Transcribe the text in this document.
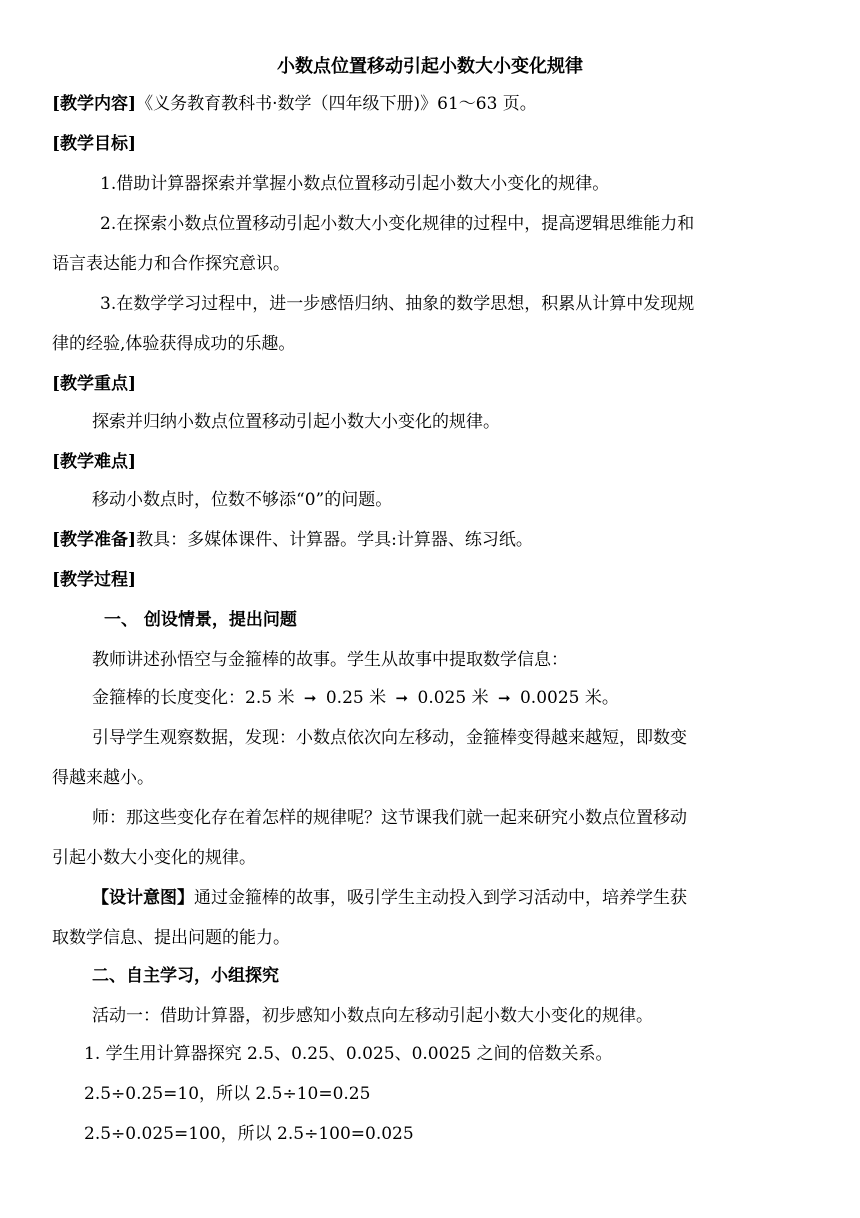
小数点位置移动引起小数大小变化规律
[教学内容]《义务教育教科书·数学（四年级下册)》61～63 页。
[教学目标]
1.借助计算器探索并掌握小数点位置移动引起小数大小变化的规律。
2.在探索小数点位置移动引起小数大小变化规律的过程中，提高逻辑思维能力和
语言表达能力和合作探究意识。
3.在数学学习过程中，进一步感悟归纳、抽象的数学思想，积累从计算中发现规
律的经验,体验获得成功的乐趣。
[教学重点]
探索并归纳小数点位置移动引起小数大小变化的规律。
[教学难点]
移动小数点时，位数不够添“0”的问题。
[教学准备]教具：多媒体课件、计算器。学具:计算器、练习纸。
[教学过程]
一、 创设情景，提出问题
教师讲述孙悟空与金箍棒的故事。学生从故事中提取数学信息：
金箍棒的长度变化：2.5 米 ➞ 0.25 米 ➞ 0.025 米 ➞ 0.0025 米。
引导学生观察数据，发现：小数点依次向左移动，金箍棒变得越来越短，即数变
得越来越小。
师：那这些变化存在着怎样的规律呢？这节课我们就一起来研究小数点位置移动
引起小数大小变化的规律。
【设计意图】通过金箍棒的故事，吸引学生主动投入到学习活动中，培养学生获
取数学信息、提出问题的能力。
二、自主学习，小组探究
活动一：借助计算器，初步感知小数点向左移动引起小数大小变化的规律。
1. 学生用计算器探究 2.5、0.25、0.025、0.0025 之间的倍数关系。
2.5÷0.25=10，所以 2.5÷10=0.25
2.5÷0.025=100，所以 2.5÷100=0.025
